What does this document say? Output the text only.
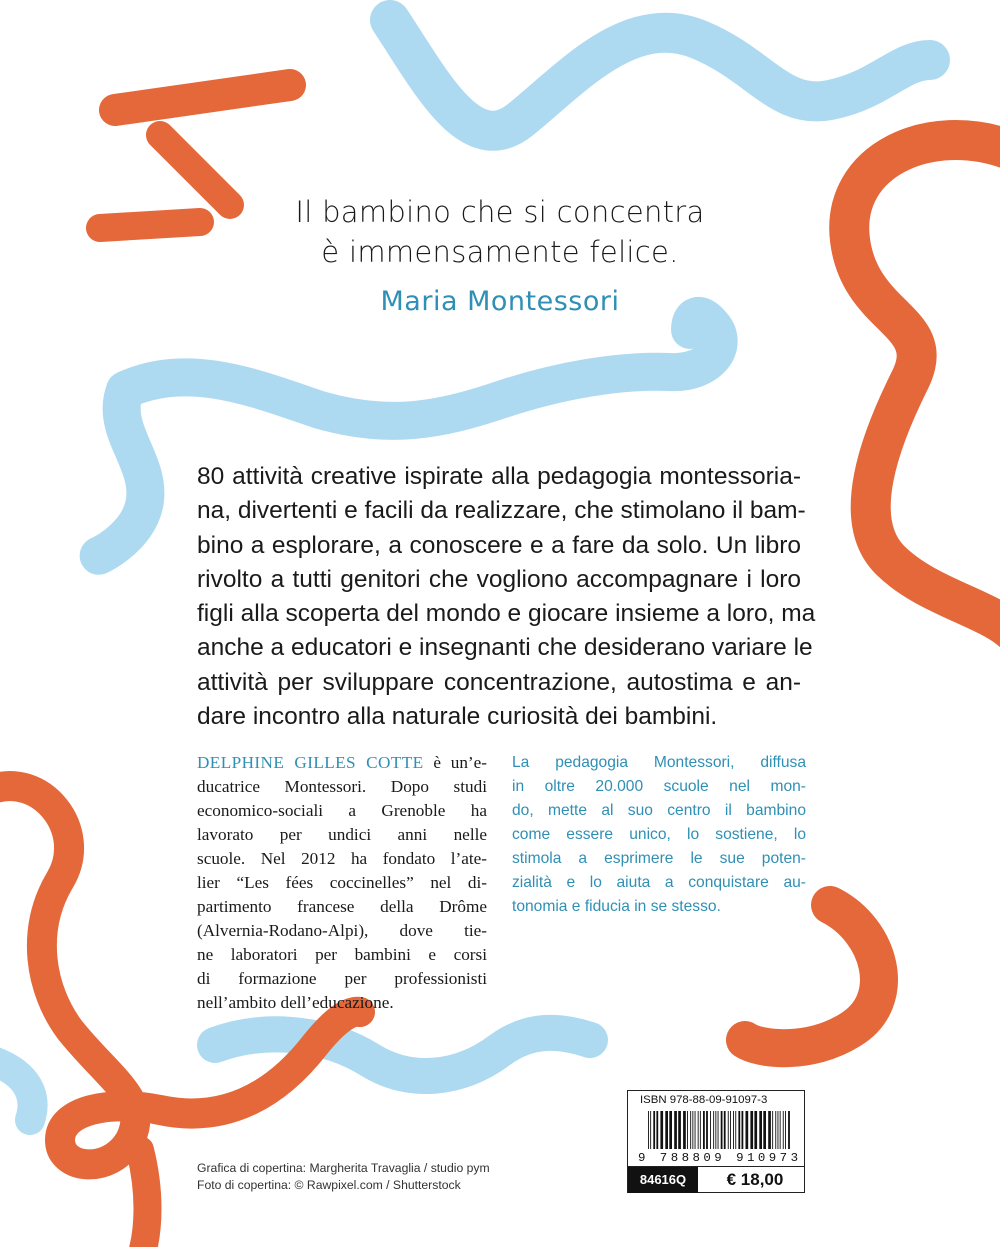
Il bambino che si concentra
è immensamente felice.
Maria Montessori
80 attività creative ispirate alla pedagogia montessoria-
na, divertenti e facili da realizzare, che stimolano il bam-
bino a esplorare, a conoscere e a fare da solo. Un libro
rivolto a tutti genitori che vogliono accompagnare i loro
figli alla scoperta del mondo e giocare insieme a loro, ma
anche a educatori e insegnanti che desiderano variare le
attività per sviluppare concentrazione, autostima e an-
dare incontro alla naturale curiosità dei bambini.
DELPHINE GILLES COTTE è un’e-
ducatrice Montessori. Dopo studi
economico-sociali a Grenoble ha
lavorato per undici anni nelle
scuole. Nel 2012 ha fondato l’ate-
lier “Les fées coccinelles” nel di-
partimento francese della Drôme
(Alvernia-Rodano-Alpi), dove tie-
ne laboratori per bambini e corsi
di formazione per professionisti
nell’ambito dell’educazione.
La pedagogia Montessori, diffusa
in oltre 20.000 scuole nel mon-
do, mette al suo centro il bambino
come essere unico, lo sostiene, lo
stimola a esprimere le sue poten-
zialità e lo aiuta a conquistare au-
tonomia e fiducia in se stesso.
Grafica di copertina: Margherita Travaglia / studio pym
Foto di copertina: © Rawpixel.com / Shutterstock
ISBN 978-88-09-91097-3
9 788809 910973
84616Q	€ 18,00
